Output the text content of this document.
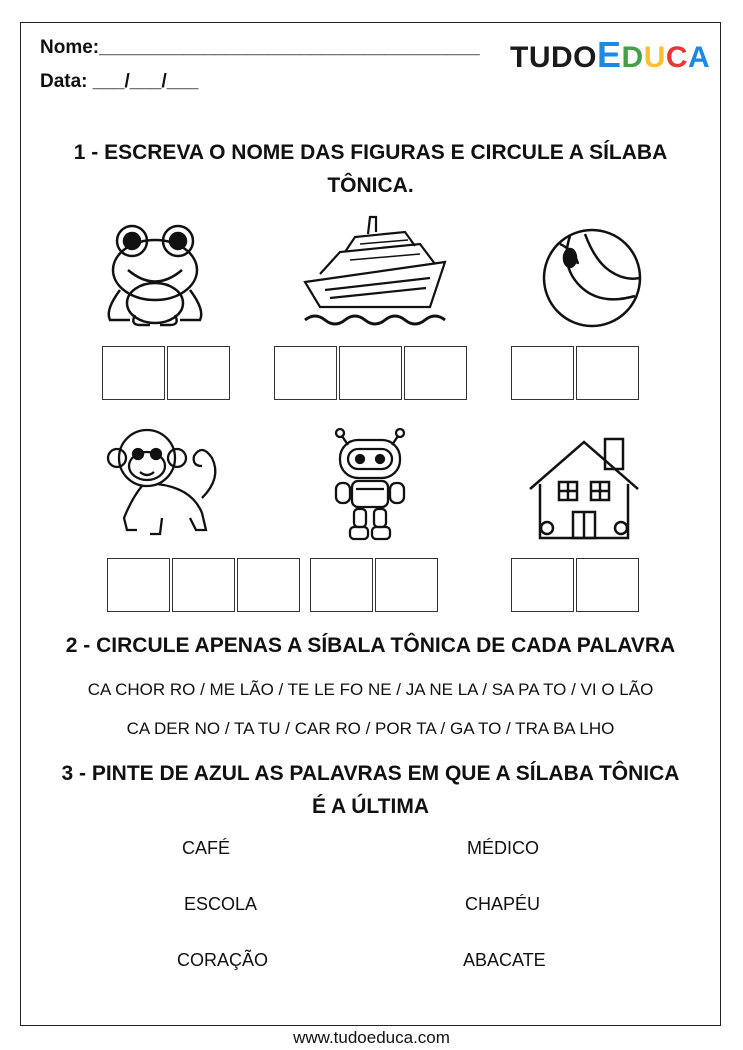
Nome:____________________________________
Data: ___/___/___
TUDOEDUCA
1 - ESCREVA O NOME DAS FIGURAS E CIRCULE A SÍLABA
TÔNICA.
2 - CIRCULE APENAS A SÍBALA TÔNICA DE CADA PALAVRA
CA CHOR RO / ME LÃO / TE LE FO NE / JA NE LA / SA PA TO / VI O LÃO
CA DER NO / TA TU / CAR RO / POR TA / GA TO / TRA BA LHO
3 - PINTE DE AZUL AS PALAVRAS EM QUE A SÍLABA TÔNICA
É A ÚLTIMA
CAFÉ	MÉDICO
ESCOLA	CHAPÉU
CORAÇÃO	ABACATE
www.tudoeduca.com
